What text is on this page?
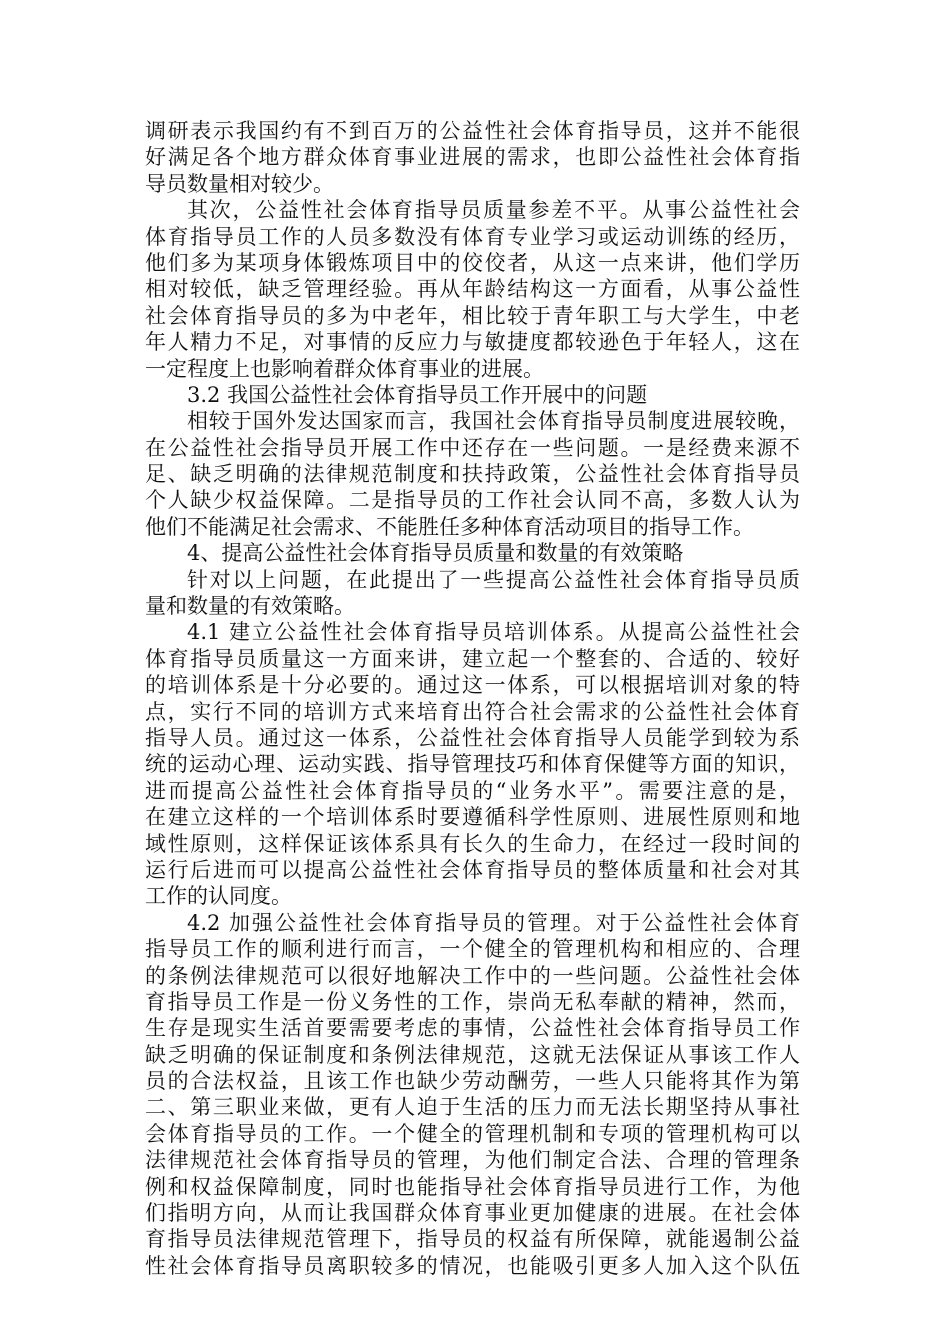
调研表示我国约有不到百万的公益性社会体育指导员，这并不能很
好满足各个地方群众体育事业进展的需求，也即公益性社会体育指
导员数量相对较少。
其次，公益性社会体育指导员质量参差不平。从事公益性社会
体育指导员工作的人员多数没有体育专业学习或运动训练的经历，
他们多为某项身体锻炼项目中的佼佼者，从这一点来讲，他们学历
相对较低，缺乏管理经验。再从年龄结构这一方面看，从事公益性
社会体育指导员的多为中老年，相比较于青年职工与大学生，中老
年人精力不足，对事情的反应力与敏捷度都较逊色于年轻人，这在
一定程度上也影响着群众体育事业的进展。
3.2 我国公益性社会体育指导员工作开展中的问题
相较于国外发达国家而言，我国社会体育指导员制度进展较晚，
在公益性社会指导员开展工作中还存在一些问题。一是经费来源不
足、缺乏明确的法律规范制度和扶持政策，公益性社会体育指导员
个人缺少权益保障。二是指导员的工作社会认同不高，多数人认为
他们不能满足社会需求、不能胜任多种体育活动项目的指导工作。
4、提高公益性社会体育指导员质量和数量的有效策略
针对以上问题，在此提出了一些提高公益性社会体育指导员质
量和数量的有效策略。
4.1 建立公益性社会体育指导员培训体系。从提高公益性社会
体育指导员质量这一方面来讲，建立起一个整套的、合适的、较好
的培训体系是十分必要的。通过这一体系，可以根据培训对象的特
点，实行不同的培训方式来培育出符合社会需求的公益性社会体育
指导人员。通过这一体系，公益性社会体育指导人员能学到较为系
统的运动心理、运动实践、指导管理技巧和体育保健等方面的知识，
进而提高公益性社会体育指导员的“业务水平”。需要注意的是，
在建立这样的一个培训体系时要遵循科学性原则、进展性原则和地
域性原则，这样保证该体系具有长久的生命力，在经过一段时间的
运行后进而可以提高公益性社会体育指导员的整体质量和社会对其
工作的认同度。
4.2 加强公益性社会体育指导员的管理。对于公益性社会体育
指导员工作的顺利进行而言，一个健全的管理机构和相应的、合理
的条例法律规范可以很好地解决工作中的一些问题。公益性社会体
育指导员工作是一份义务性的工作，崇尚无私奉献的精神，然而，
生存是现实生活首要需要考虑的事情，公益性社会体育指导员工作
缺乏明确的保证制度和条例法律规范，这就无法保证从事该工作人
员的合法权益，且该工作也缺少劳动酬劳，一些人只能将其作为第
二、第三职业来做，更有人迫于生活的压力而无法长期坚持从事社
会体育指导员的工作。一个健全的管理机制和专项的管理机构可以
法律规范社会体育指导员的管理，为他们制定合法、合理的管理条
例和权益保障制度，同时也能指导社会体育指导员进行工作，为他
们指明方向，从而让我国群众体育事业更加健康的进展。在社会体
育指导员法律规范管理下，指导员的权益有所保障，就能遏制公益
性社会体育指导员离职较多的情况，也能吸引更多人加入这个队伍
